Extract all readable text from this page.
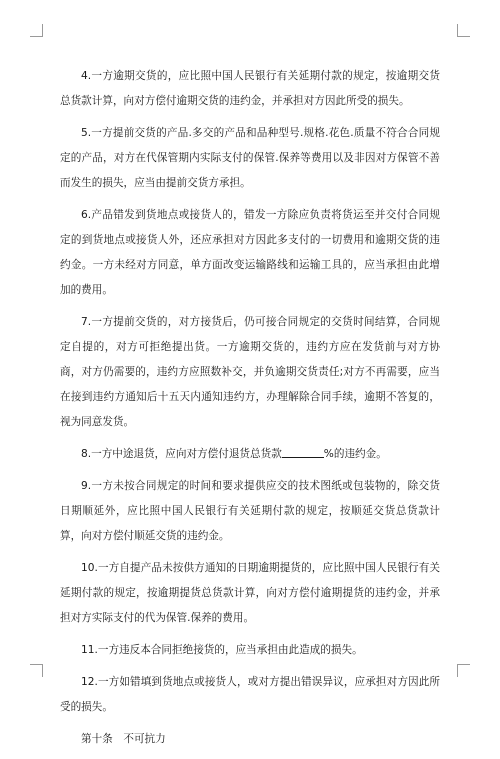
4.一方逾期交货的，应比照中国人民银行有关延期付款的规定，按逾期交货总货款计算，向对方偿付逾期交货的违约金，并承担对方因此所受的损失。

5.一方提前交货的产品.多交的产品和品种型号.规格.花色.质量不符合合同规定的产品，对方在代保管期内实际支付的保管.保养等费用以及非因对方保管不善而发生的损失，应当由提前交货方承担。

6.产品错发到货地点或接货人的，错发一方除应负责将货运至并交付合同规定的到货地点或接货人外，还应承担对方因此多支付的一切费用和逾期交货的违约金。一方未经对方同意，单方面改变运输路线和运输工具的，应当承担由此增加的费用。

7.一方提前交货的，对方接货后，仍可接合同规定的交货时间结算，合同规定自提的，对方可拒绝提出货。一方逾期交货的，违约方应在发货前与对方协商，对方仍需要的，违约方应照数补交，并负逾期交货责任;对方不再需要，应当在接到违约方通知后十五天内通知违约方，办理解除合同手续，逾期不答复的，视为同意发货。

8.一方中途退货，应向对方偿付退货总货款	%的违约金。

9.一方未按合同规定的时间和要求提供应交的技术图纸或包装物的，除交货日期顺延外，应比照中国人民银行有关延期付款的规定，按顺延交货总货款计算，向对方偿付顺延交货的违约金。

10.一方自提产品未按供方通知的日期逾期提货的，应比照中国人民银行有关延期付款的规定，按逾期提货总货款计算，向对方偿付逾期提货的违约金，并承担对方实际支付的代为保管.保养的费用。

11.一方违反本合同拒绝接货的，应当承担由此造成的损失。

12.一方如错填到货地点或接货人，或对方提出错误异议，应承担对方因此所受的损失。

第十条　不可抗力
